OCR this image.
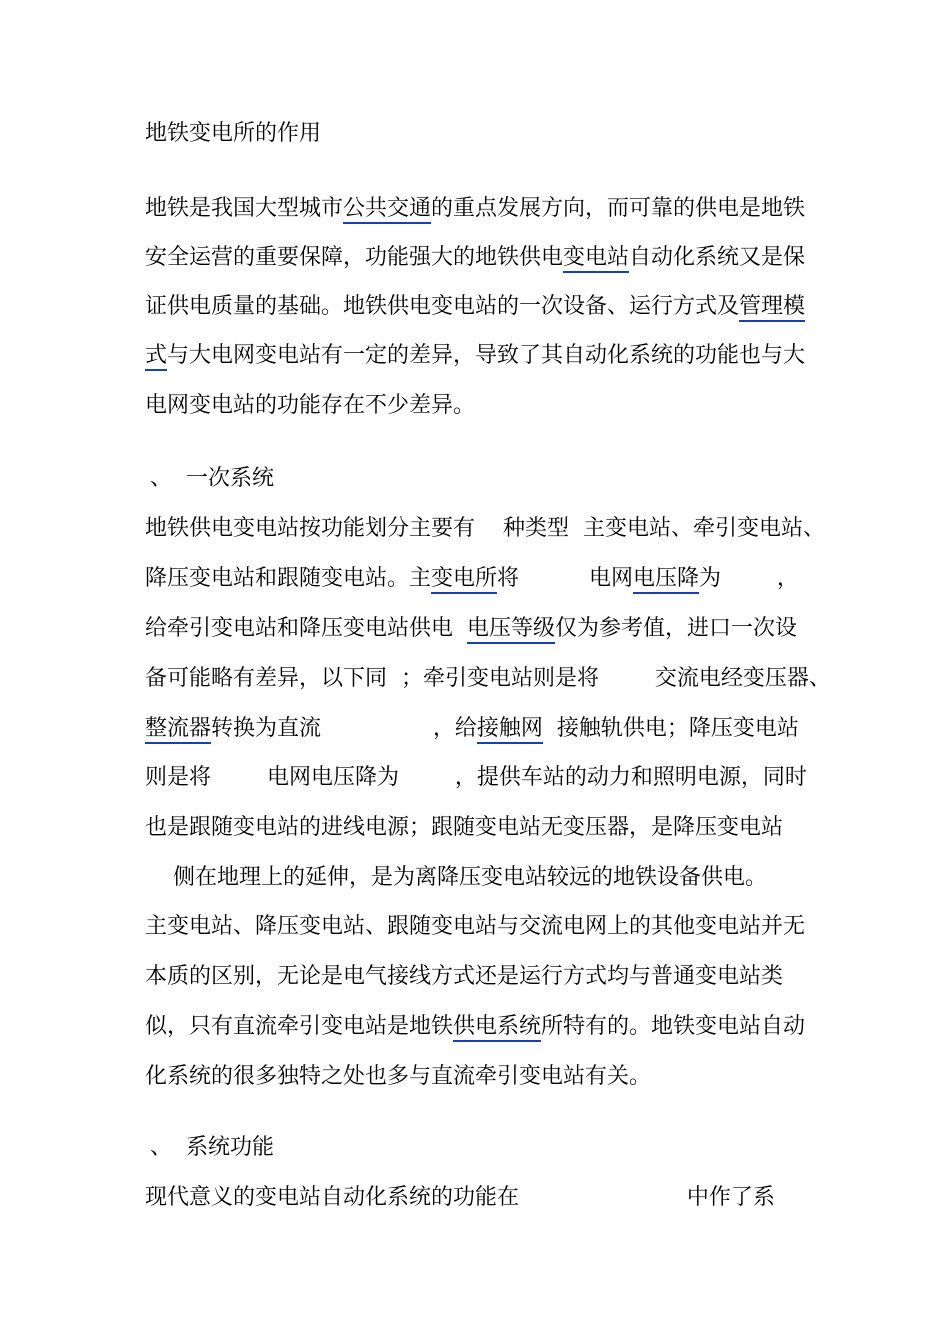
地铁变电所的作用
地铁是我国大型城市公共交通的重点发展方向，而可靠的供电是地铁
安全运营的重要保障，功能强大的地铁供电变电站自动化系统又是保
证供电质量的基础。地铁供电变电站的一次设备、运行方式及管理模
式与大电网变电站有一定的差异，导致了其自动化系统的功能也与大
电网变电站的功能存在不少差异。
、  一次系统
地铁供电变电站按功能划分主要有    种类型  主变电站、牵引变电站、
降压变电站和跟随变电站。主变电所将          电网电压降为        ，
给牵引变电站和降压变电站供电  电压等级仅为参考值，进口一次设
备可能略有差异，以下同  ；牵引变电站则是将        交流电经变压器、
整流器转换为直流                ，给接触网  接触轨供电；降压变电站
则是将        电网电压降为        ，提供车站的动力和照明电源，同时
也是跟随变电站的进线电源；跟随变电站无变压器，是降压变电站
侧在地理上的延伸，是为离降压变电站较远的地铁设备供电。
主变电站、降压变电站、跟随变电站与交流电网上的其他变电站并无
本质的区别，无论是电气接线方式还是运行方式均与普通变电站类
似，只有直流牵引变电站是地铁供电系统所特有的。地铁变电站自动
化系统的很多独特之处也多与直流牵引变电站有关。
、  系统功能
现代意义的变电站自动化系统的功能在                        中作了系
